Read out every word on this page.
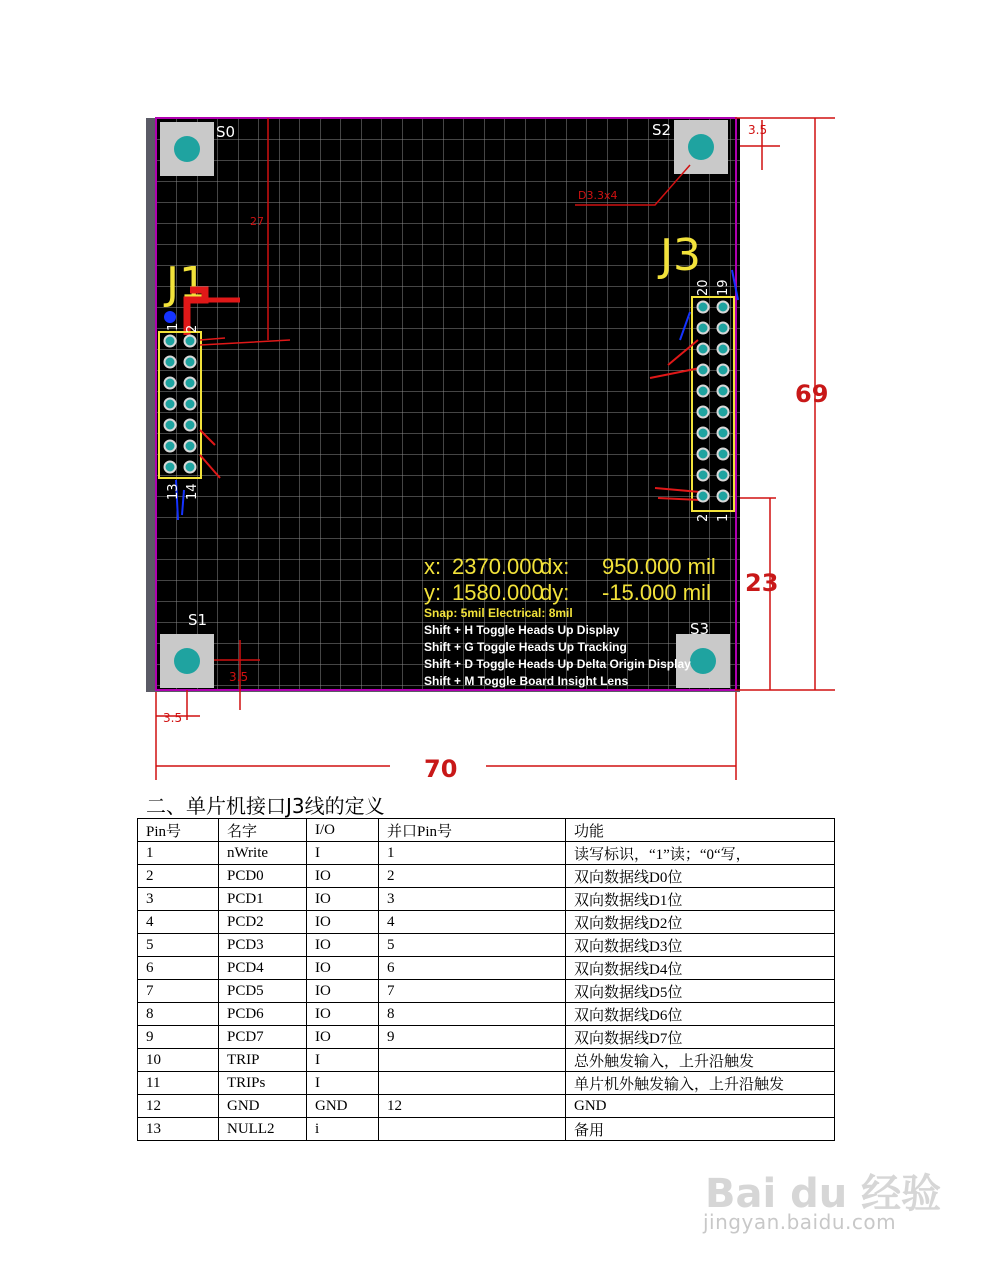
S0	S2
S1	S3
J1
J3
1 2
13 14
20 19
2 1
69
23
70
3.5
3.5
3.5
27
D3.3x4
x: 2370.000
dx: 950.000 mil
y: 1580.000
dy: -15.000 mil
Snap: 5mil Electrical: 8mil
Shift + H Toggle Heads Up Display
Shift + G Toggle Heads Up Tracking
Shift + D Toggle Heads Up Delta Origin Display
Shift + M Toggle Board Insight Lens
二、单片机接口J3线的定义
Pin号	名字	I/O	并口Pin号	功能
1	nWrite	I	1	读写标识，“1”读；“0“写，
2	PCD0	IO	2	双向数据线D0位
3	PCD1	IO	3	双向数据线D1位
4	PCD2	IO	4	双向数据线D2位
5	PCD3	IO	5	双向数据线D3位
6	PCD4	IO	6	双向数据线D4位
7	PCD5	IO	7	双向数据线D5位
8	PCD6	IO	8	双向数据线D6位
9	PCD7	IO	9	双向数据线D7位
10	TRIP	I		总外触发输入，上升沿触发
11	TRIPs	I		单片机外触发输入，上升沿触发
12	GND	GND	12	GND
13	NULL2	i		备用
Bai du 经验
jingyan.baidu.com
